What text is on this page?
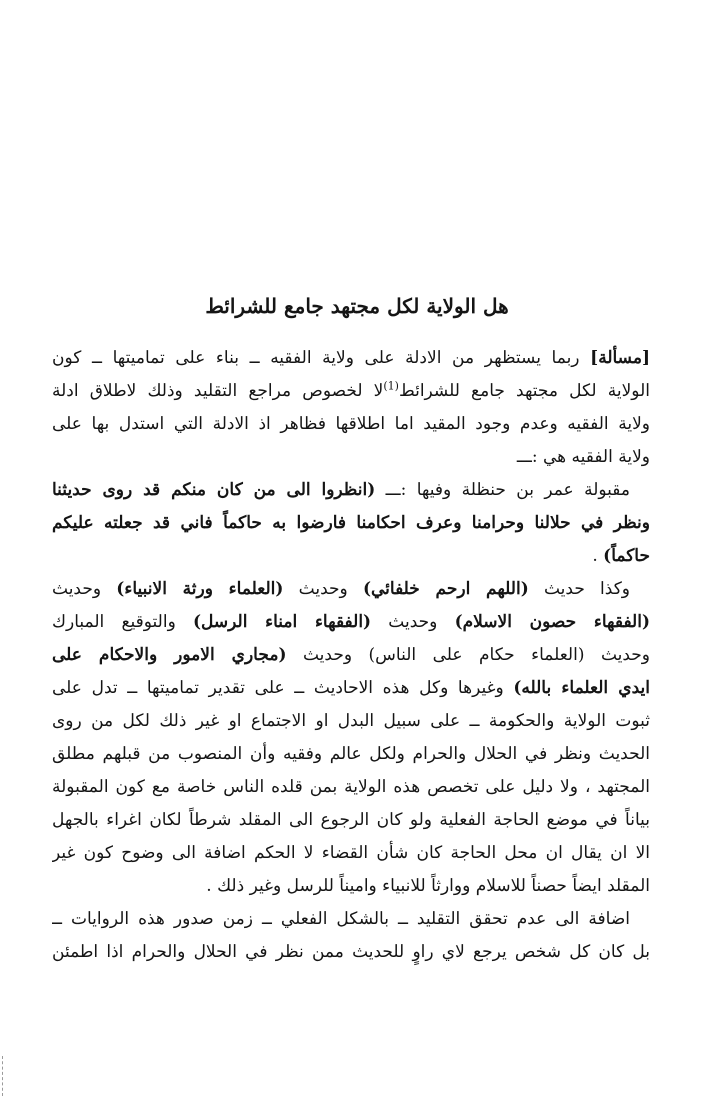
هل الولاية لكل مجتهد جامع للشرائط
[مسألة] ربما يستظهر من الادلة على ولاية الفقيه ــ بناء على تماميتها ــ كون
الولاية لكل مجتهد جامع للشرائط$^{(1)}$لا لخصوص مراجع التقليد وذلك لاطلاق ادلة
ولاية الفقيه وعدم وجود المقيد اما اطلاقها فظاهر اذ الادلة التي استدل بها على
ولاية الفقيه هي :ـــ
مقبولة عمر بن حنظلة وفيها :ـــ (انظروا الى من كان منكم قد روى حديثنا
ونظر في حلالنا وحرامنا وعرف احكامنا فارضوا به حاكماً فاني قد جعلته عليكم
حاكماً) .
وكذا حديث (اللهم ارحم خلفائي) وحديث (العلماء ورثة الانبياء) وحديث
(الفقهاء حصون الاسلام) وحديث (الفقهاء امناء الرسل) والتوقيع المبارك
وحديث (العلماء حكام على الناس) وحديث (مجاري الامور والاحكام على
ايدي العلماء بالله) وغيرها وكل هذه الاحاديث ــ على تقدير تماميتها ــ تدل على
ثبوت الولاية والحكومة ــ على سبيل البدل او الاجتماع او غير ذلك لكل من روى
الحديث ونظر في الحلال والحرام ولكل عالم وفقيه وأن المنصوب من قبلهم مطلق
المجتهد ، ولا دليل على تخصص هذه الولاية بمن قلده الناس خاصة مع كون المقبولة
بياناً في موضع الحاجة الفعلية ولو كان الرجوع الى المقلد شرطاً لكان اغراء بالجهل
الا ان يقال ان محل الحاجة كان شأن القضاء لا الحكم اضافة الى وضوح كون غير
المقلد ايضاً حصناً للاسلام ووارثاً للانبياء واميناً للرسل وغير ذلك .
اضافة الى عدم تحقق التقليد ــ بالشكل الفعلي ــ زمن صدور هذه الروايات ــ
بل كان كل شخص يرجع لاي راوٍ للحديث ممن نظر في الحلال والحرام اذا اطمئن
